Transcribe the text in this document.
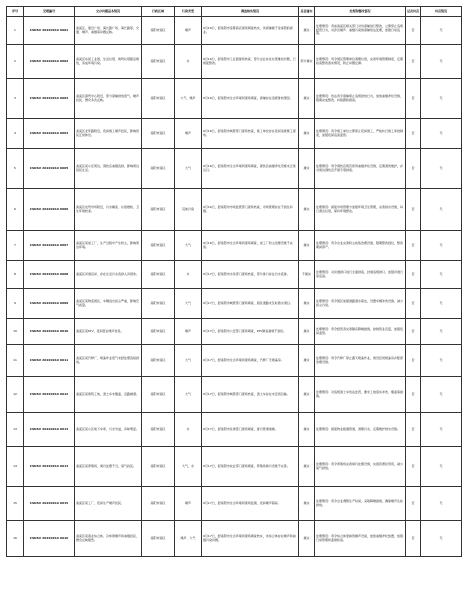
序号	受理编号	交办问题基本情况	行政区域	污染类型	调查核实情况	是否属实	处理和整改情况	是否问责	问责情况
1	CSDSV 20220919 0001	美溪区，靠近广场、海长路广场，海长路等，交通、噪声、油烟等问题反映。	南阳市南区	噪声	9月16日，经南阳市金都商店现场调查核实，该商铺属于金南阳的商业。	属实	处理情况：责成南溪区相关部门对该商铺进行整改，立即停止违规经营行为，对涉及噪声、油烟污染的商铺依法处理，加强日常巡查。	否	无
2	CSDSV 20220919 0002	美溪区东街工业园，生活垃圾、建筑垃圾随意堆放，造成环境污染。	南阳市南区	水	9月16日，经南阳市工业园现场核查，部分企业存在垃圾堆放问题，已督促整改。	部分属实	处理情况：责令园区管理单位清理垃圾，完善环境管理制度，定期检查整改落实情况，防止问题反弹。	否	无
3	CSDSV 20220919 0003	美溪区商贸中心附近，部分商铺排放废气、噪声扰民，群众多次反映。	南阳市南区	大气、噪声	9月16日，经南阳市生态环境局现场调查，商铺存在违规排放情况。	属实	处理情况：依法责令商铺停止违规排放行为，加装油烟净化设施，限期完成整改，持续跟踪督查。	否	无
4	CSDSV 20220919 0004	美溪区北环路附近，夜间施工噪声扰民，影响居民正常休息。	南阳市南区	噪声	9月16日，经南阳市城管部门现场核查，施工单位存在夜间违规施工现象。	属实	处理情况：责令施工单位立即停止夜间施工，严格执行施工审批制度，加强夜间巡查监管。	否	无
5	CSDSV 20220919 0005	美溪区某小区周边，餐饮店油烟直排，影响周边居民生活。	南阳市南区	大气	9月16日，经南阳市生态环境局现场调查，餐饮店油烟净化设施未正常运行。	属实	处理情况：责令餐饮店规范使用油烟净化设施，定期清洗维护，并对周边餐饮店开展专项排查。	否	无
6	CSDSV 20220919 0006	美溪区农贸市场附近，污水横流、垃圾堆积，卫生环境较差。	南阳市南区	其他污染	9月16日，经南阳市市场监管部门现场核查，市场管理存在不到位问题。	属实	处理情况：督促市场管理方加强环境卫生管理，完善排水设施，每日清运垃圾，保持环境整洁。	否	无
7	CSDSV 20220919 0007	美溪区某加工厂，生产过程中产生粉尘，影响周边环境。	南阳市南区	大气	9月16日，经南阳市生态环境局现场调查，加工厂粉尘治理设施不完善。	属实	处理情况：责令企业完善粉尘收集治理设施，限期整改到位，整改期间停产。	否	无
8	CSDSV 20220919 0008	美溪区河道沿岸，存在生活污水直排入河现象。	南阳市南区	水	9月17日，经南阳市水务部门现场核查，部分排口存在污水直排。	不属实	处理情况：对河道排口进行全面排查，封堵违规排口，加强河道日常巡查。	否	无
9	CSDSV 20220919 0009	美溪区某物流园区，车辆进出扬尘严重，影响空气质量。	南阳市南区	大气	9月17日，经南阳市城管部门现场调查，园区道路未及时洒水清扫。	属实	处理情况：责令园区加强道路洒水保洁，设置车辆冲洗设施，减少扬尘污染。	否	无
10	CSDSV 20220919 0010	美溪区某KTV，夜间营业噪声扰民。	南阳市南区	噪声	9月17日，经南阳市公安部门现场调查，KTV隔音措施不到位。	属实	处理情况：责令经营者完善隔音降噪措施，控制营业音量，加强夜间监管。	否	无
11	CSDSV 20220919 0011	美溪区某汽修厂，喷漆作业废气未经处理直接排放。	南阳市南区	大气	9月17日，经南阳市生态环境局现场调查，汽修厂无喷漆房。	属实	处理情况：责令汽修厂停止露天喷漆作业，建设密闭喷漆房并配套治理设施。	否	无
12	CSDSV 20220919 0012	美溪区某建筑工地，渣土车未覆盖，沿路抛洒。	南阳市南区	大气	9月17日，经南阳市城管部门现场核查，渣土车存在未密闭运输。	属实	处理情况：对违规渣土车依法处罚，要求工地落实冲洗、覆盖等措施。	否	无
13	CSDSV 20220919 0013	美溪区某小区地下车库，污水外溢，异味明显。	南阳市南区	水	9月17日，经南阳市住建部门现场调查，排污管道堵塞。	属实	处理情况：督促物业疏通管道，清理污水，定期维护排水设施。	否	无
14	CSDSV 20220919 0014	美溪区某养殖场，粪污处理不当，臭气扰民。	南阳市南区	大气、水	9月17日，经南阳市农业部门现场调查，养殖场粪污设施不完善。	属实	处理情况：责令养殖场完善粪污处理设施，实现资源化利用，减少臭气排放。	否	无
15	CSDSV 20220919 0015	美溪区某工厂，夜间生产噪声扰民。	南阳市南区	噪声	9月17日，经南阳市生态环境局现场监测，夜间噪声超标。	属实	处理情况：责令企业调整生产时间，采取降噪措施，确保噪声达标排放。	否	无
16	CSDSV 20220919 0016	美溪区某商业综合体，冷却塔噪声和油烟扰民，群众反映强烈。	南阳市南区	噪声、大气	9月17日，经南阳市生态环境局现场调查核实，该综合体存在噪声和油烟污染问题。	属实	处理情况：责令综合体更换低噪声设备，加装油烟净化装置，加强日常管理和监督检查。	否	无
